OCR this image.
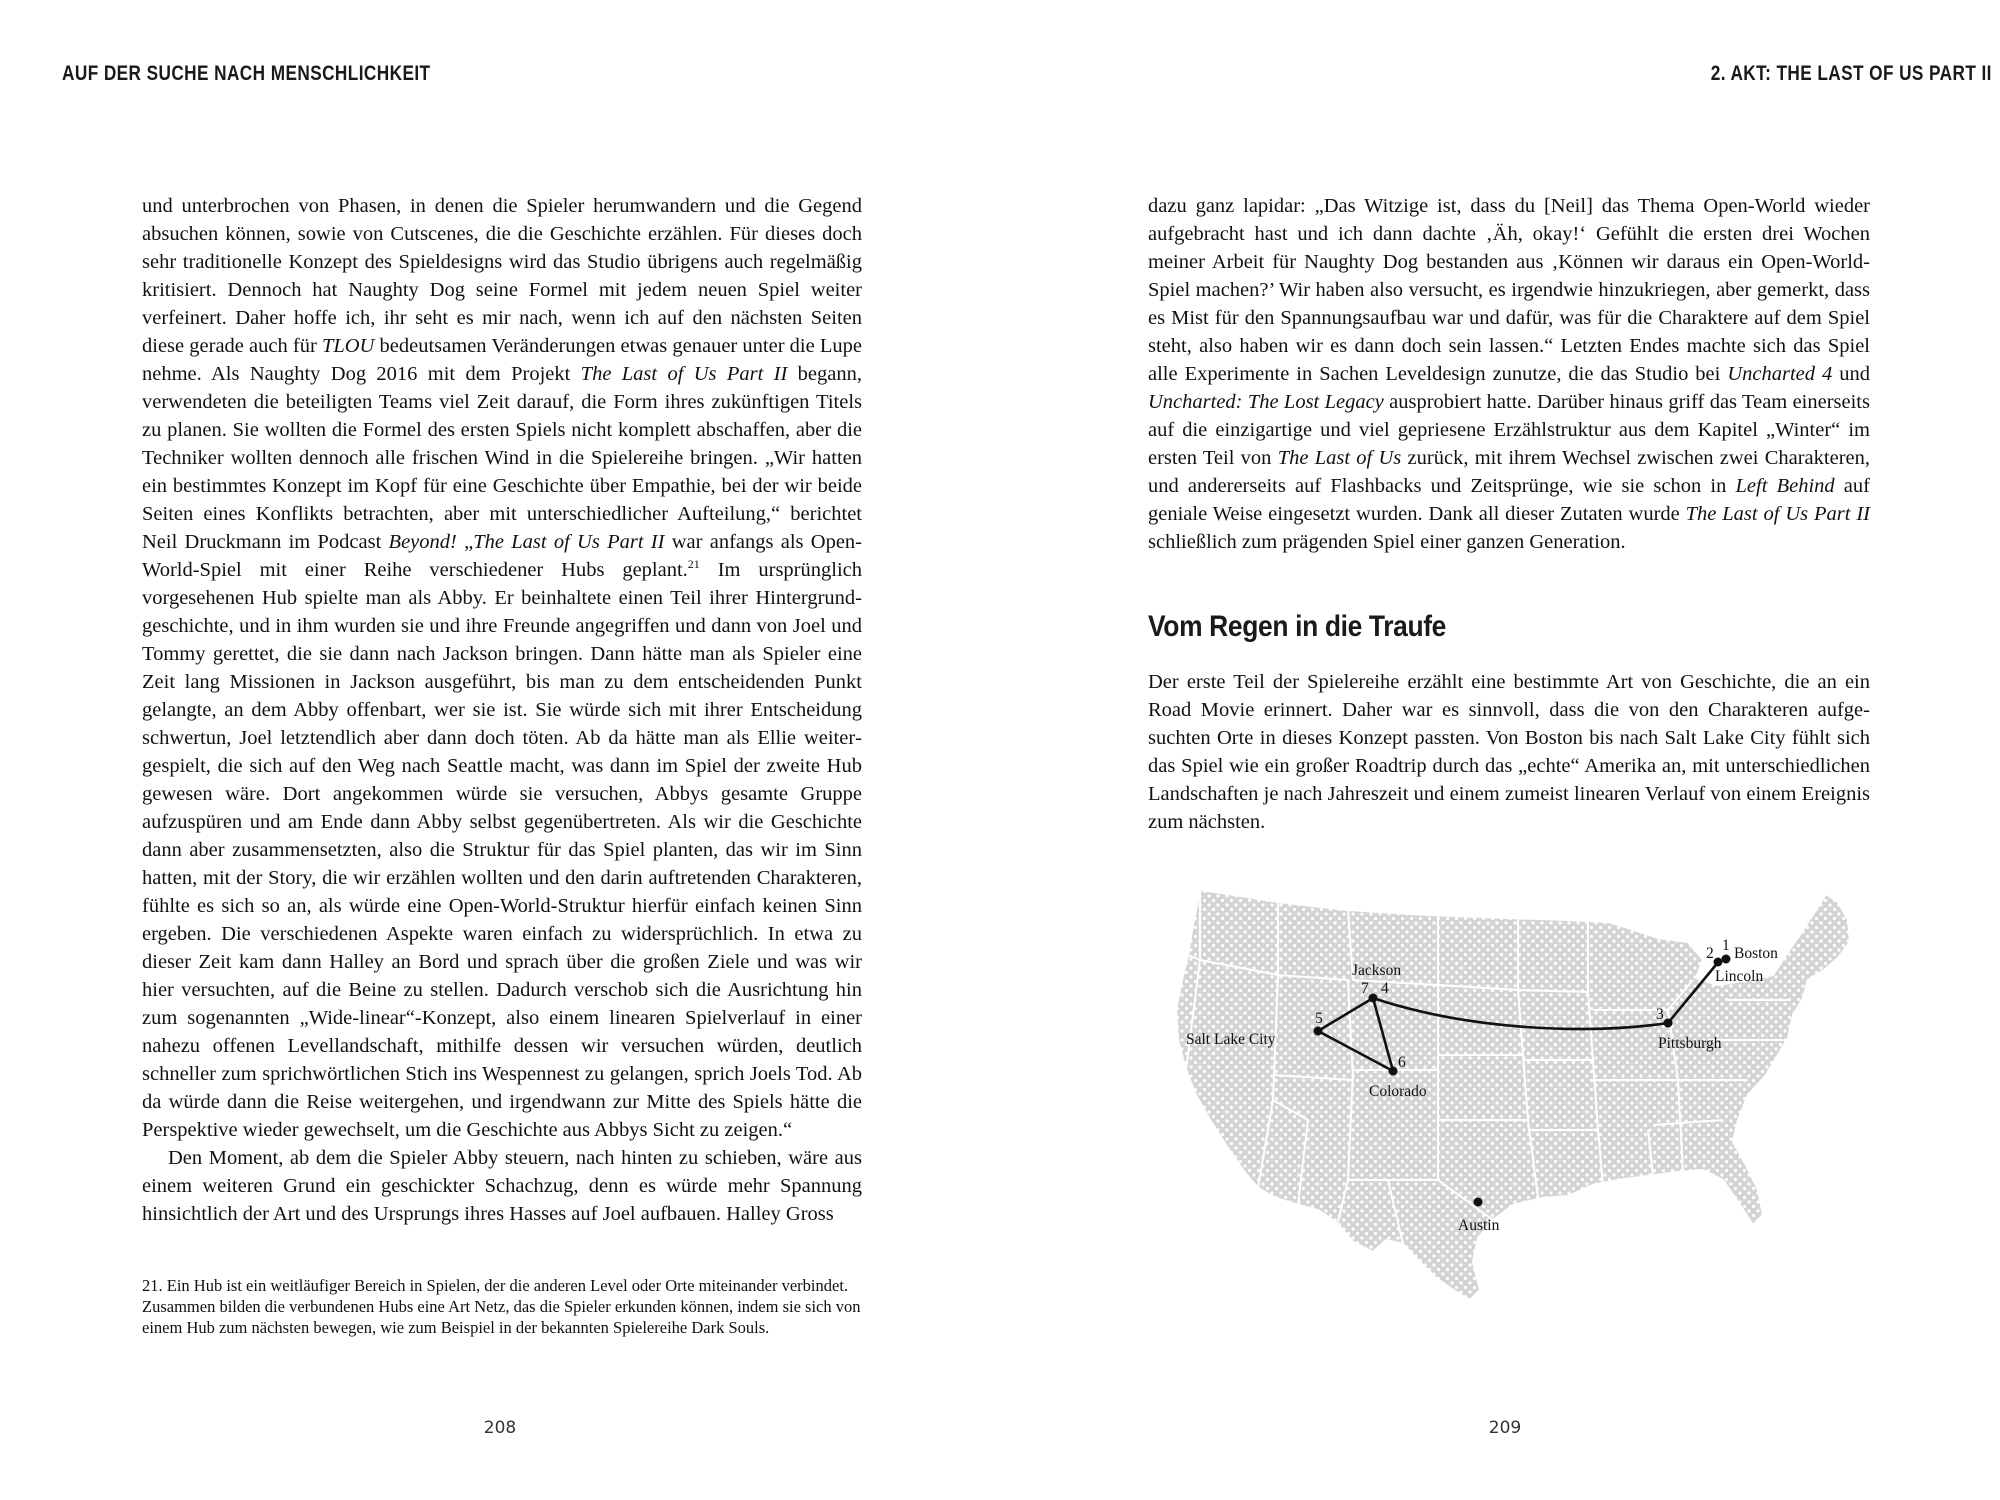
AUF DER SUCHE NACH MENSCHLICHKEIT

und unterbrochen von Phasen, in denen die Spieler herumwandern und die Gegend absuchen können, sowie von Cutscenes, die die Geschichte erzählen. Für dieses doch sehr traditionelle Konzept des Spieldesigns wird das Studio übrigens auch regelmäßig kritisiert. Dennoch hat Naughty Dog seine Formel mit jedem neuen Spiel weiter verfeinert. Daher hoffe ich, ihr seht es mir nach, wenn ich auf den nächsten Seiten diese gerade auch für TLOU bedeutsamen Veränderungen etwas genauer unter die Lupe nehme. Als Naughty Dog 2016 mit dem Projekt The Last of Us Part II begann, verwendeten die beteiligten Teams viel Zeit darauf, die Form ihres zukünftigen Titels zu planen. Sie wollten die Formel des ersten Spiels nicht komplett abschaffen, aber die Techniker wollten dennoch alle frischen Wind in die Spielereihe bringen. „Wir hatten ein bestimmtes Konzept im Kopf für eine Geschichte über Empathie, bei der wir beide Seiten eines Konflikts betrachten, aber mit unterschiedlicher Aufteilung,“ berichtet Neil Druckmann im Podcast Beyond! „The Last of Us Part II war anfangs als Open-World-Spiel mit einer Reihe verschiedener Hubs geplant.$^{21}$ Im ursprünglich vorgesehenen Hub spielte man als Abby. Er beinhaltete einen Teil ihrer Hintergrundgeschichte, und in ihm wurden sie und ihre Freunde angegriffen und dann von Joel und Tommy gerettet, die sie dann nach Jackson bringen. Dann hätte man als Spieler eine Zeit lang Missionen in Jackson ausgeführt, bis man zu dem entscheidenden Punkt gelangte, an dem Abby offenbart, wer sie ist. Sie würde sich mit ihrer Entscheidung schwertun, Joel letztendlich aber dann doch töten. Ab da hätte man als Ellie weitergespielt, die sich auf den Weg nach Seattle macht, was dann im Spiel der zweite Hub gewesen wäre. Dort angekommen würde sie versuchen, Abbys gesamte Gruppe aufzuspüren und am Ende dann Abby selbst gegenübertreten. Als wir die Geschichte dann aber zusammensetzten, also die Struktur für das Spiel planten, das wir im Sinn hatten, mit der Story, die wir erzählen wollten und den darin auftretenden Charakteren, fühlte es sich so an, als würde eine Open-World-Struktur hierfür einfach keinen Sinn ergeben. Die verschiedenen Aspekte waren einfach zu widersprüchlich. In etwa zu dieser Zeit kam dann Halley an Bord und sprach über die großen Ziele und was wir hier versuchten, auf die Beine zu stellen. Dadurch verschob sich die Ausrichtung hin zum sogenannten „Wide-linear“-Konzept, also einem linearen Spielverlauf in einer nahezu offenen Levellandschaft, mithilfe dessen wir versuchen würden, deutlich schneller zum sprichwörtlichen Stich ins Wespennest zu gelangen, sprich Joels Tod. Ab da würde dann die Reise weitergehen, und irgendwann zur Mitte des Spiels hätte die Perspektive wieder gewechselt, um die Geschichte aus Abbys Sicht zu zeigen.“

Den Moment, ab dem die Spieler Abby steuern, nach hinten zu schieben, wäre aus einem weiteren Grund ein geschickter Schachzug, denn es würde mehr Spannung hinsichtlich der Art und des Ursprungs ihres Hasses auf Joel aufbauen. Halley Gross

21. Ein Hub ist ein weitläufiger Bereich in Spielen, der die anderen Level oder Orte miteinander verbindet. Zusammen bilden die verbundenen Hubs eine Art Netz, das die Spieler erkunden können, indem sie sich von einem Hub zum nächsten bewegen, wie zum Beispiel in der bekannten Spielereihe Dark Souls.

208
2. AKT: THE LAST OF US PART II

dazu ganz lapidar: „Das Witzige ist, dass du [Neil] das Thema Open-World wieder aufgebracht hast und ich dann dachte ‚Äh, okay!‘ Gefühlt die ersten drei Wochen meiner Arbeit für Naughty Dog bestanden aus ‚Können wir daraus ein Open-World-Spiel machen?’ Wir haben also versucht, es irgendwie hinzukriegen, aber gemerkt, dass es Mist für den Spannungsaufbau war und dafür, was für die Charaktere auf dem Spiel steht, also haben wir es dann doch sein lassen.“ Letzten Endes machte sich das Spiel alle Experimente in Sachen Leveldesign zunutze, die das Studio bei Uncharted 4 und Uncharted: The Lost Legacy ausprobiert hatte. Darüber hinaus griff das Team einerseits auf die einzigartige und viel gepriesene Erzählstruktur aus dem Kapitel „Winter“ im ersten Teil von The Last of Us zurück, mit ihrem Wechsel zwischen zwei Charakteren, und andererseits auf Flashbacks und Zeitsprünge, wie sie schon in Left Behind auf geniale Weise eingesetzt wurden. Dank all dieser Zutaten wurde The Last of Us Part II schließlich zum prägenden Spiel einer ganzen Generation.

Vom Regen in die Traufe

Der erste Teil der Spielereihe erzählt eine bestimmte Art von Geschichte, die an ein Road Movie erinnert. Daher war es sinnvoll, dass die von den Charakteren aufgesuchten Orte in dieses Konzept passten. Von Boston bis nach Salt Lake City fühlt sich das Spiel wie ein großer Roadtrip durch das „echte“ Amerika an, mit unterschiedlichen Landschaften je nach Jahreszeit und einem zumeist linearen Verlauf von einem Ereignis zum nächsten.

1
2
3
4
5
6
7
Boston
Lincoln
Pittsburgh
Jackson
Salt Lake City
Colorado
Austin
209
